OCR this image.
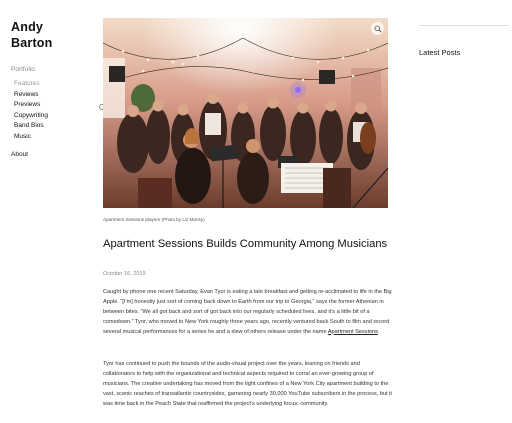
Andy
Barton
Portfolio
Features
Reviews
Previews
Copywriting
Band Bios
Music
About
Apartment Sessions players (Photo by Liz Mansy)
Apartment Sessions Builds Community Among Musicians
October 16, 2019

Caught by phone one recent Saturday, Evan Tyor is eating a late breakfast and getting re-acclimated to life in the Big Apple. “[I’m] honestly just sort of coming back down to Earth from our trip to Georgia,” says the former Athenian in between bites. “We all got back and sort of got back into our regularly scheduled lives, and it’s a little bit of a comedown.” Tyor, who moved to New York roughly three years ago, recently ventured back South to film and record several musical performances for a series he and a slew of others release under the name Apartment Sessions.

Tyor has continued to push the bounds of the audio-visual project over the years, leaning on friends and collaborators to help with the organizational and technical aspects required to corral an ever-growing group of musicians. The creative undertaking has moved from the tight confines of a New York City apartment building to the vast, scenic reaches of transatlantic countrysides, garnering nearly 30,000 YouTube subscribers in the process, but it was time back in the Peach State that reaffirmed the project’s underlying focus: community.

Latest Posts
